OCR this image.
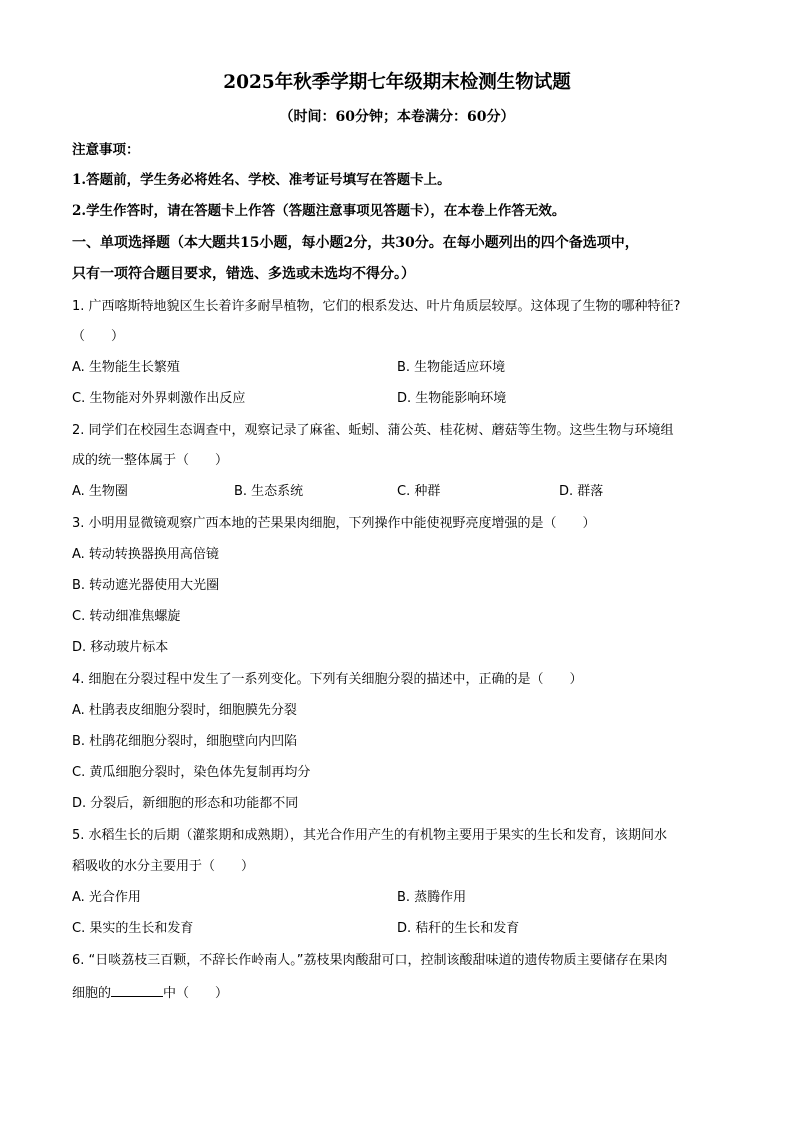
2025年秋季学期七年级期末检测生物试题
（时间：60分钟；本卷满分：60分）
注意事项：
1.答题前，学生务必将姓名、学校、准考证号填写在答题卡上。
2.学生作答时，请在答题卡上作答（答题注意事项见答题卡），在本卷上作答无效。
一、单项选择题（本大题共15小题，每小题2分，共30分。在每小题列出的四个备选项中，
只有一项符合题目要求，错选、多选或未选均不得分。）
1. 广西喀斯特地貌区生长着许多耐旱植物，它们的根系发达、叶片角质层较厚。这体现了生物的哪种特征?
（　　）
A. 生物能生长繁殖	B. 生物能适应环境
C. 生物能对外界刺激作出反应	D. 生物能影响环境
2. 同学们在校园生态调查中，观察记录了麻雀、蚯蚓、蒲公英、桂花树、蘑菇等生物。这些生物与环境组
成的统一整体属于（　　）
A. 生物圈	B. 生态系统	C. 种群	D. 群落
3. 小明用显微镜观察广西本地的芒果果肉细胞，下列操作中能使视野亮度增强的是（　　）
A. 转动转换器换用高倍镜
B. 转动遮光器使用大光圈
C. 转动细准焦螺旋
D. 移动玻片标本
4. 细胞在分裂过程中发生了一系列变化。下列有关细胞分裂的描述中，正确的是（　　）
A. 杜鹃表皮细胞分裂时，细胞膜先分裂
B. 杜鹃花细胞分裂时，细胞壁向内凹陷
C. 黄瓜细胞分裂时，染色体先复制再均分
D. 分裂后，新细胞的形态和功能都不同
5. 水稻生长的后期（灌浆期和成熟期），其光合作用产生的有机物主要用于果实的生长和发育，该期间水
稻吸收的水分主要用于（　　）
A. 光合作用	B. 蒸腾作用
C. 果实的生长和发育	D. 秸秆的生长和发育
6. “日啖荔枝三百颗，不辞长作岭南人。”荔枝果肉酸甜可口，控制该酸甜味道的遗传物质主要储存在果肉
细胞的	中（　　）
